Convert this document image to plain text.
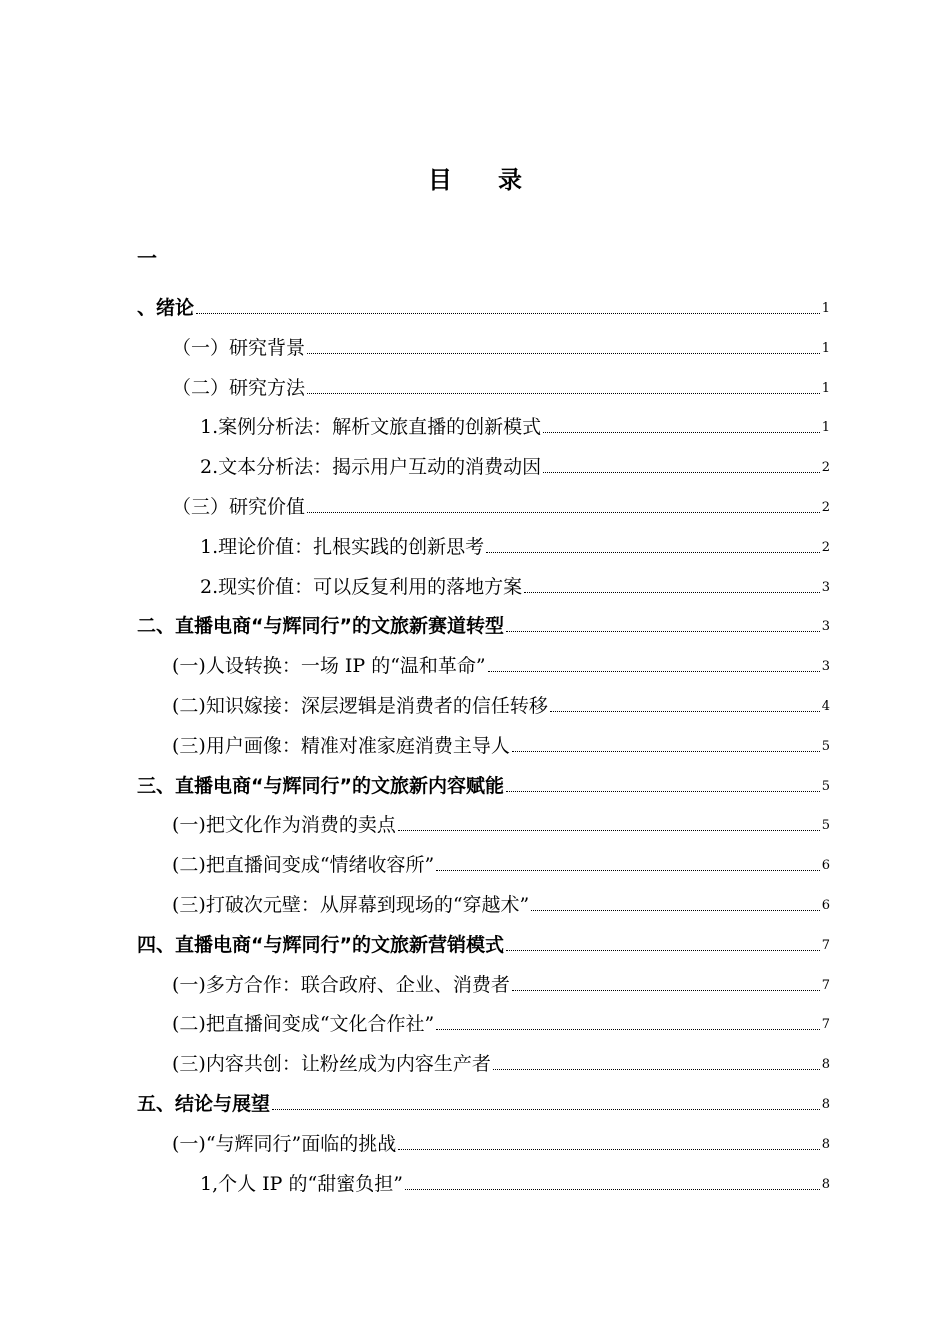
目 录
一
、绪论	1
（一）研究背景	1
（二）研究方法	1
1.案例分析法：解析文旅直播的创新模式	1
2.文本分析法：揭示用户互动的消费动因	2
（三）研究价值	2
1.理论价值：扎根实践的创新思考	2
2.现实价值：可以反复利用的落地方案	3
二、直播电商“与辉同行”的文旅新赛道转型	3
(一)人设转换：一场 IP 的“温和革命”	3
(二)知识嫁接：深层逻辑是消费者的信任转移	4
(三)用户画像：精准对准家庭消费主导人	5
三、直播电商“与辉同行”的文旅新内容赋能	5
(一)把文化作为消费的卖点	5
(二)把直播间变成“情绪收容所”	6
(三)打破次元壁：从屏幕到现场的“穿越术”	6
四、直播电商“与辉同行”的文旅新营销模式	7
(一)多方合作：联合政府、企业、消费者	7
(二)把直播间变成“文化合作社”	7
(三)内容共创：让粉丝成为内容生产者	8
五、结论与展望	8
(一)“与辉同行”面临的挑战	8
1,个人 IP 的“甜蜜负担”	8
